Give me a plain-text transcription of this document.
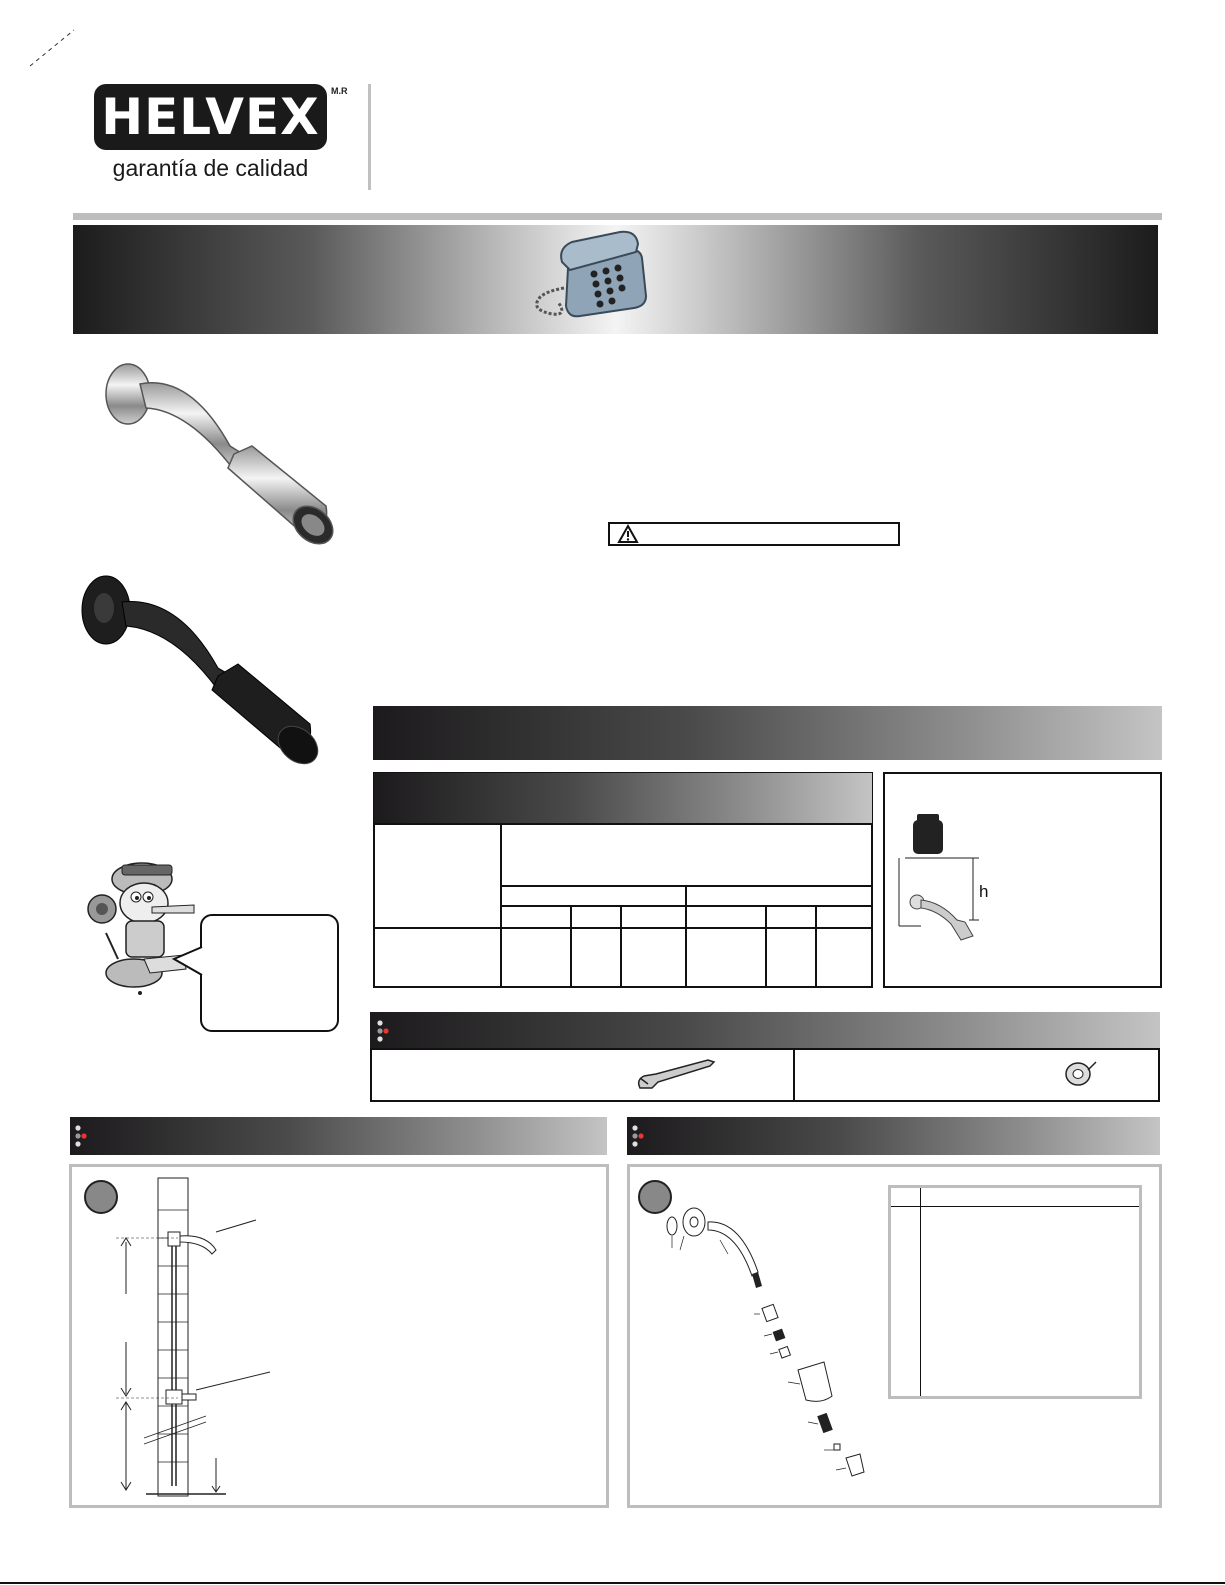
HELVEX	M.R
garantía de calidad
h
